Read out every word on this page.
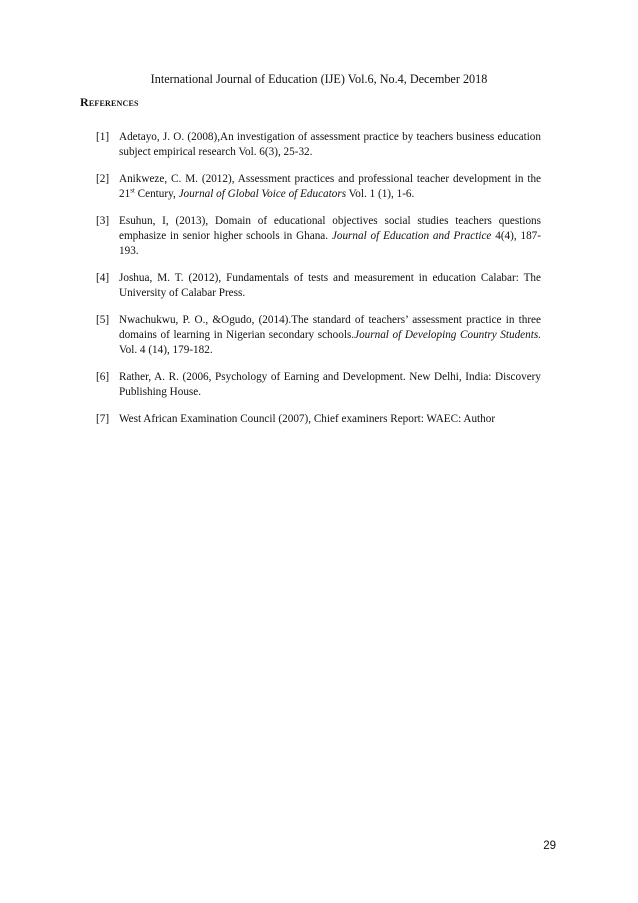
International Journal of Education (IJE) Vol.6, No.4, December 2018
References
[1] Adetayo, J. O. (2008),An investigation of assessment practice by teachers business education subject empirical research Vol. 6(3), 25-32.
[2] Anikweze, C. M. (2012), Assessment practices and professional teacher development in the 21st Century, Journal of Global Voice of Educators Vol. 1 (1), 1-6.
[3] Esuhun, I, (2013), Domain of educational objectives social studies teachers questions emphasize in senior higher schools in Ghana. Journal of Education and Practice 4(4), 187-193.
[4] Joshua, M. T. (2012), Fundamentals of tests and measurement in education Calabar: The University of Calabar Press.
[5] Nwachukwu, P. O., &Ogudo, (2014).The standard of teachers’ assessment practice in three domains of learning in Nigerian secondary schools.Journal of Developing Country Students. Vol. 4 (14), 179-182.
[6] Rather, A. R. (2006, Psychology of Earning and Development. New Delhi, India: Discovery Publishing House.
[7] West African Examination Council (2007), Chief examiners Report: WAEC: Author
29
